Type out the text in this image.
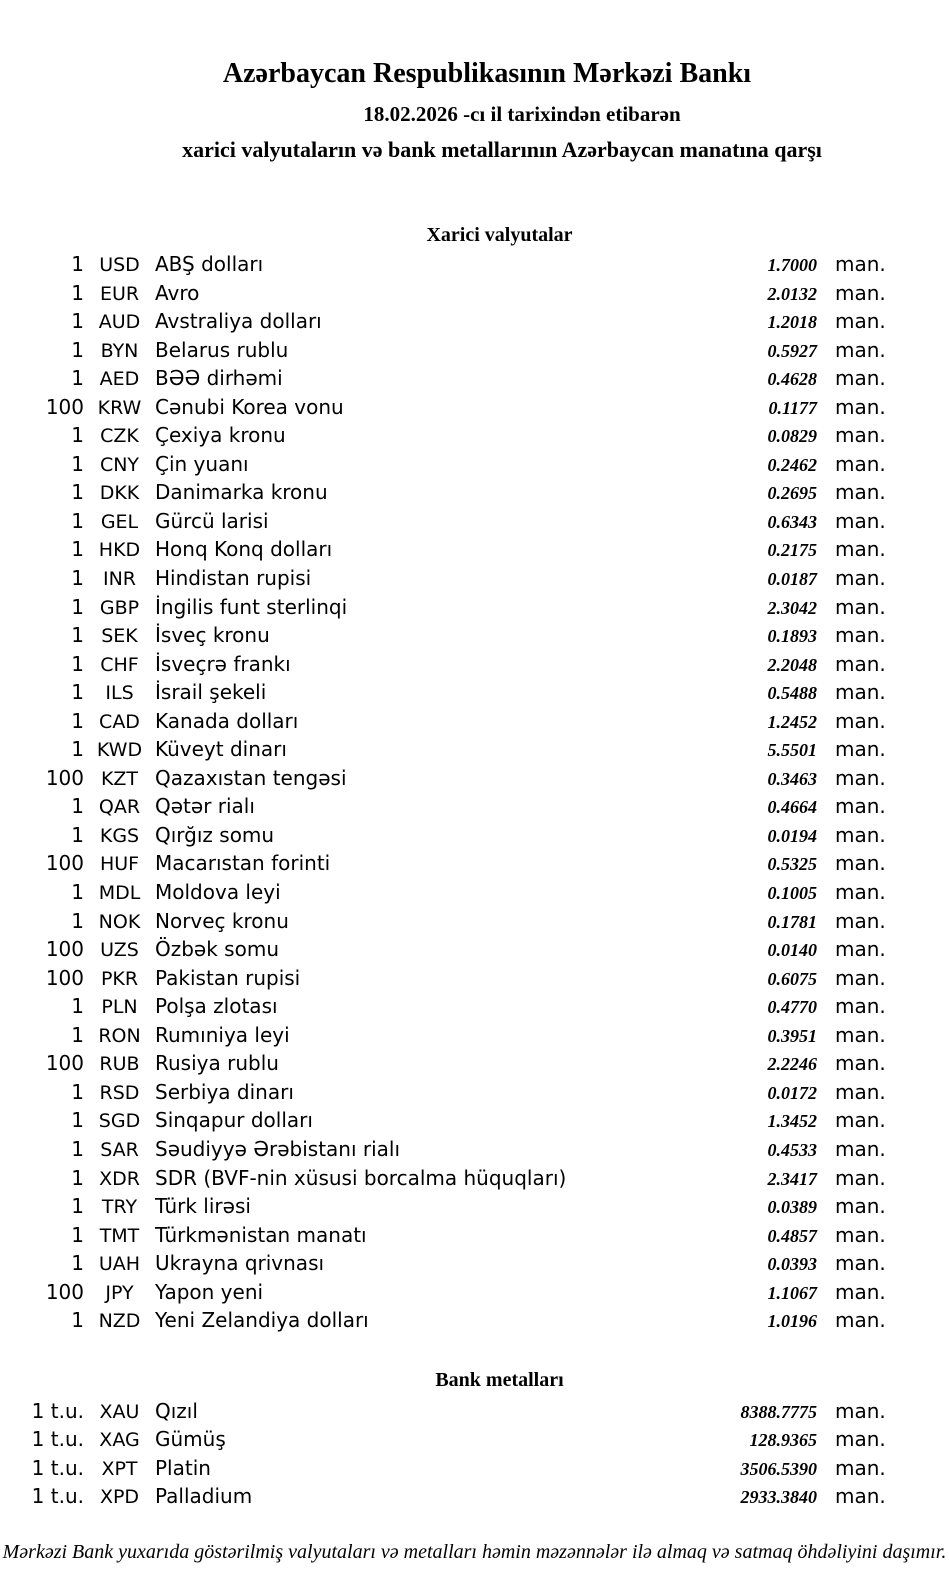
Azərbaycan Respublikasının Mərkəzi Bankı
18.02.2026 -cı il tarixindən etibarən
xarici valyutaların və bank metallarının Azərbaycan manatına qarşı
Xarici valyutalar
1 USD ABŞ dolları	1.7000 man.
1 EUR Avro	2.0132 man.
1 AUD Avstraliya dolları	1.2018 man.
1 BYN Belarus rublu	0.5927 man.
1 AED BƏƏ dirhəmi	0.4628 man.
100 KRW Cənubi Korea vonu	0.1177 man.
1 CZK Çexiya kronu	0.0829 man.
1 CNY Çin yuanı	0.2462 man.
1 DKK Danimarka kronu	0.2695 man.
1 GEL Gürcü larisi	0.6343 man.
1 HKD Honq Konq dolları	0.2175 man.
1 INR Hindistan rupisi	0.0187 man.
1 GBP İngilis funt sterlinqi	2.3042 man.
1 SEK İsveç kronu	0.1893 man.
1 CHF İsveçrə frankı	2.2048 man.
1	ILS	İsrail şekeli	0.5488 man.
1 CAD Kanada dolları	1.2452 man.
1 KWD Küveyt dinarı	5.5501 man.
100 KZT Qazaxıstan tengəsi	0.3463 man.
1 QAR Qətər rialı	0.4664 man.
1 KGS Qırğız somu	0.0194 man.
100 HUF Macarıstan forinti	0.5325 man.
1 MDL Moldova leyi	0.1005 man.
1 NOK Norveç kronu	0.1781 man.
100 UZS Özbək somu	0.0140 man.
100 PKR Pakistan rupisi	0.6075 man.
1 PLN Polşa zlotası	0.4770 man.
1 RON Rumıniya leyi	0.3951 man.
100 RUB Rusiya rublu	2.2246 man.
1 RSD Serbiya dinarı	0.0172 man.
1 SGD Sinqapur dolları	1.3452 man.
1 SAR Səudiyyə Ərəbistanı rialı	0.4533 man.
1 XDR SDR (BVF-nin xüsusi borcalma hüquqları)	2.3417 man.
1 TRY Türk lirəsi	0.0389 man.
1 TMT Türkmənistan manatı	0.4857 man.
1 UAH Ukrayna qrivnası	0.0393 man.
100	JPY	Yapon yeni	1.1067 man.
1 NZD Yeni Zelandiya dolları	1.0196 man.
Bank metalları
1 t.u. XAU Qızıl	8388.7775 man.
1 t.u. XAG Gümüş	128.9365 man.
1 t.u. XPT Platin	3506.5390 man.
1 t.u. XPD Palladium	2933.3840 man.
Mərkəzi Bank yuxarıda göstərilmiş valyutaları və metalları həmin məzənnələr ilə almaq və satmaq öhdəliyini daşımır.
